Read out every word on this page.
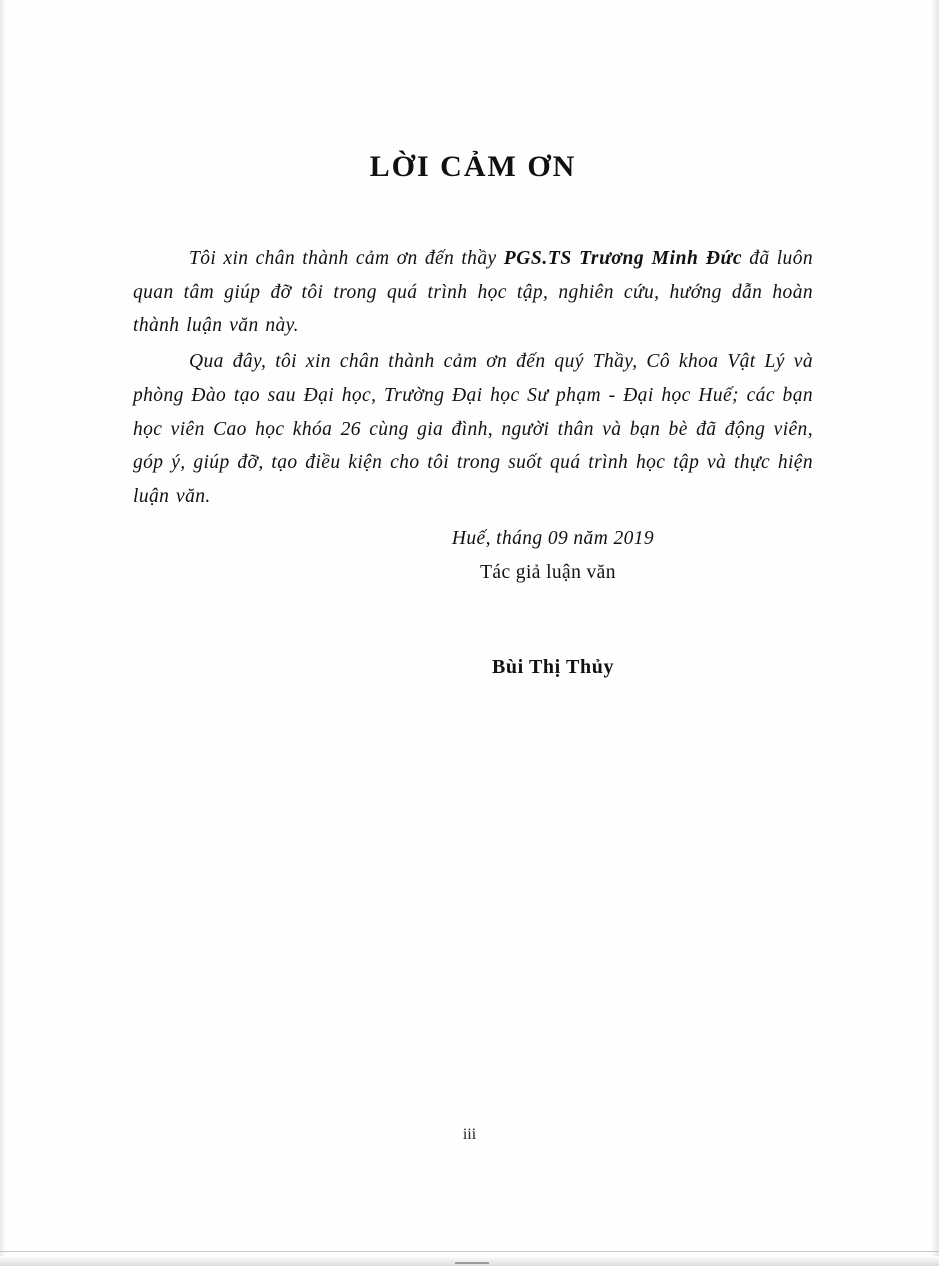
LỜI CẢM ƠN

Tôi xin chân thành cảm ơn đến thầy PGS.TS Trương Minh Đức đã luôn quan tâm giúp đỡ tôi trong quá trình học tập, nghiên cứu, hướng dẫn hoàn thành luận văn này.

Qua đây, tôi xin chân thành cảm ơn đến quý Thầy, Cô khoa Vật Lý và phòng Đào tạo sau Đại học, Trường Đại học Sư phạm - Đại học Huế; các bạn học viên Cao học khóa 26 cùng gia đình, người thân và bạn bè đã động viên, góp ý, giúp đỡ, tạo điều kiện cho tôi trong suốt quá trình học tập và thực hiện luận văn.

Huế, tháng 09 năm 2019
Tác giả luận văn
Bùi Thị Thủy
iii
